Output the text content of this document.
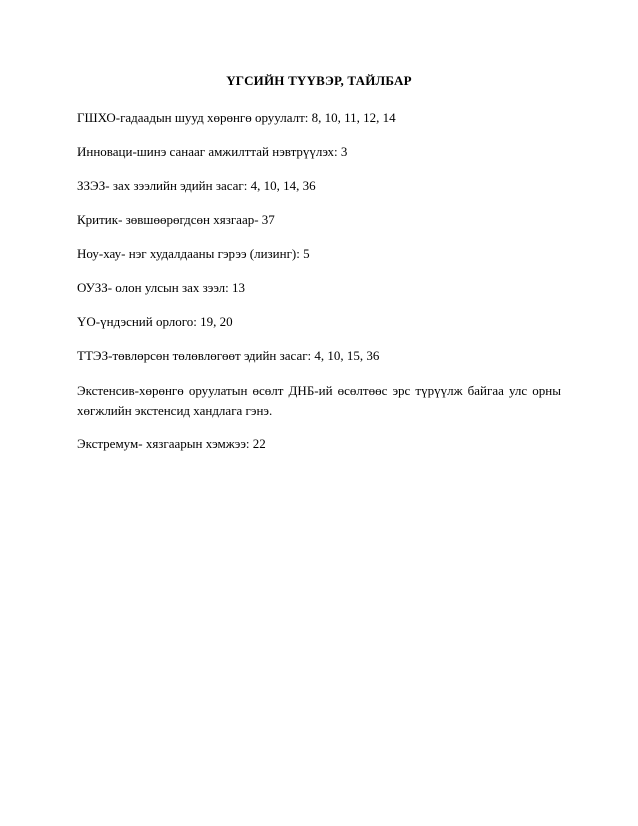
ҮГСИЙН ТҮҮВЭР, ТАЙЛБАР
ГШХО-гадаадын шууд хөрөнгө оруулалт: 8, 10, 11, 12, 14
Инноваци-шинэ санааг амжилттай нэвтрүүлэх: 3
ЗЗЭЗ- зах зээлийн эдийн засаг: 4, 10, 14, 36
Критик- зөвшөөрөгдсөн хязгаар- 37
Ноу-хау- нэг худалдааны гэрээ (лизинг): 5
ОУЗЗ- олон улсын зах зээл: 13
ҮО-үндэсний орлого: 19, 20
ТТЭЗ-төвлөрсөн төлөвлөгөөт эдийн засаг: 4, 10, 15, 36
Экстенсив-хөрөнгө оруулатын өсөлт ДНБ-ий өсөлтөөс эрс түрүүлж байгаа улс орны хөгжлийн экстенсид хандлага гэнэ.
Экстремум- хязгаарын хэмжээ: 22
